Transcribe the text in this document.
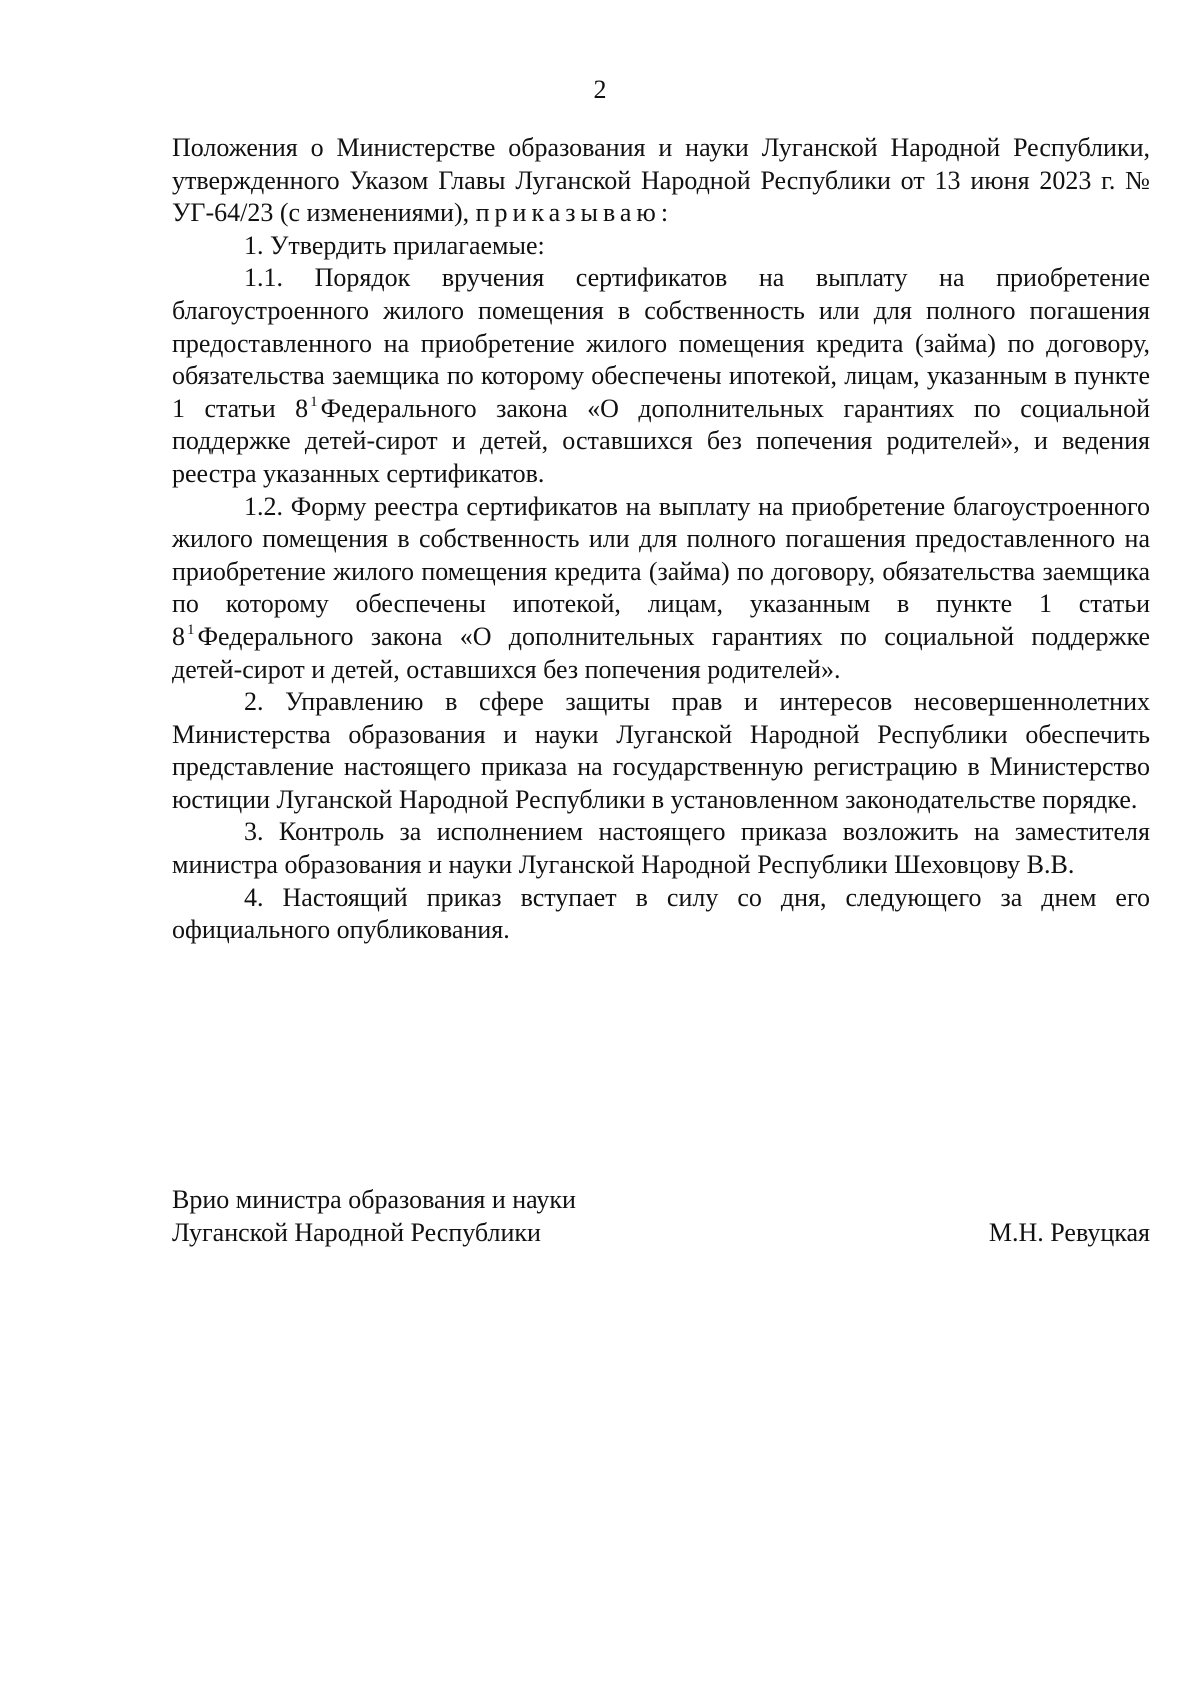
2

Положения о Министерстве образования и науки Луганской Народной Республики, утвержденного Указом Главы Луганской Народной Республики от 13 июня 2023 г. № УГ-64/23 (с изменениями), приказываю:

1. Утвердить прилагаемые:

1.1. Порядок вручения сертификатов на выплату на приобретение благоустроенного жилого помещения в собственность или для полного погашения предоставленного на приобретение жилого помещения кредита (займа) по договору, обязательства заемщика по которому обеспечены ипотекой, лицам, указанным в пункте 1 статьи 8 $^1$ Федерального закона «О дополнительных гарантиях по социальной поддержке детей-сирот и детей, оставшихся без попечения родителей», и ведения реестра указанных сертификатов.

1.2. Форму реестра сертификатов на выплату на приобретение благоустроенного жилого помещения в собственность или для полного погашения предоставленного на приобретение жилого помещения кредита (займа) по договору, обязательства заемщика по которому обеспечены ипотекой, лицам, указанным в пункте 1 статьи 8 $^1$ Федерального закона «О дополнительных гарантиях по социальной поддержке детей-сирот и детей, оставшихся без попечения родителей».

2. Управлению в сфере защиты прав и интересов несовершеннолетних Министерства образования и науки Луганской Народной Республики обеспечить представление настоящего приказа на государственную регистрацию в Министерство юстиции Луганской Народной Республики в установленном законодательстве порядке.

3. Контроль за исполнением настоящего приказа возложить на заместителя министра образования и науки Луганской Народной Республики Шеховцову В.В.

4. Настоящий приказ вступает в силу со дня, следующего за днем его официального опубликования.

Врио министра образования и науки
Луганской Народной Республики	М.Н. Ревуцкая
